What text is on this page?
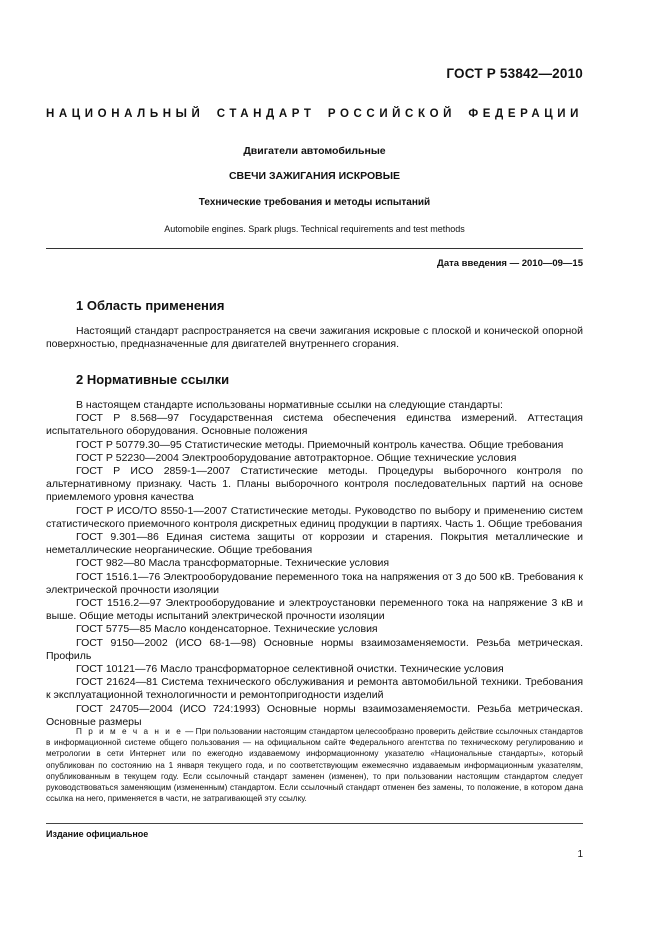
ГОСТ Р 53842—2010
НАЦИОНАЛЬНЫЙ СТАНДАРТ РОССИЙСКОЙ ФЕДЕРАЦИИ
Двигатели автомобильные
СВЕЧИ ЗАЖИГАНИЯ ИСКРОВЫЕ
Технические требования и методы испытаний
Automobile engines. Spark plugs. Technical requirements and test methods
Дата введения — 2010—09—15
1 Область применения

Настоящий стандарт распространяется на свечи зажигания искровые с плоской и конической опорной поверхностью, предназначенные для двигателей внутреннего сгорания.

2 Нормативные ссылки

В настоящем стандарте использованы нормативные ссылки на следующие стандарты:

ГОСТ Р 8.568—97 Государственная система обеспечения единства измерений. Аттестация испытательного оборудования. Основные положения

ГОСТ Р 50779.30—95 Статистические методы. Приемочный контроль качества. Общие требования

ГОСТ Р 52230—2004 Электрооборудование автотракторное. Общие технические условия

ГОСТ Р ИСО 2859-1—2007 Статистические методы. Процедуры выборочного контроля по альтернативному признаку. Часть 1. Планы выборочного контроля последовательных партий на основе приемлемого уровня качества

ГОСТ Р ИСО/ТО 8550-1—2007 Статистические методы. Руководство по выбору и применению систем статистического приемочного контроля дискретных единиц продукции в партиях. Часть 1. Общие требования

ГОСТ 9.301—86 Единая система защиты от коррозии и старения. Покрытия металлические и неметаллические неорганические. Общие требования

ГОСТ 982—80 Масла трансформаторные. Технические условия

ГОСТ 1516.1—76 Электрооборудование переменного тока на напряжения от 3 до 500 кВ. Требования к электрической прочности изоляции

ГОСТ 1516.2—97 Электрооборудование и электроустановки переменного тока на напряжение 3 кВ и выше. Общие методы испытаний электрической прочности изоляции

ГОСТ 5775—85 Масло конденсаторное. Технические условия

ГОСТ 9150—2002 (ИСО 68-1—98) Основные нормы взаимозаменяемости. Резьба метрическая. Профиль

ГОСТ 10121—76 Масло трансформаторное селективной очистки. Технические условия

ГОСТ 21624—81 Система технического обслуживания и ремонта автомобильной техники. Требования к эксплуатационной технологичности и ремонтопригодности изделий

ГОСТ 24705—2004 (ИСО 724:1993) Основные нормы взаимозаменяемости. Резьба метрическая. Основные размеры

П р и м е ч а н и е — При пользовании настоящим стандартом целесообразно проверить действие ссылочных стандартов в информационной системе общего пользования — на официальном сайте Федерального агентства по техническому регулированию и метрологии в сети Интернет или по ежегодно издаваемому информационному указателю «Национальные стандарты», который опубликован по состоянию на 1 января текущего года, и по соответствующим ежемесячно издаваемым информационным указателям, опубликованным в текущем году. Если ссылочный стандарт заменен (изменен), то при пользовании настоящим стандартом следует руководствоваться заменяющим (измененным) стандартом. Если ссылочный стандарт отменен без замены, то положение, в котором дана ссылка на него, применяется в части, не затрагивающей эту ссылку.

Издание официальное
1
